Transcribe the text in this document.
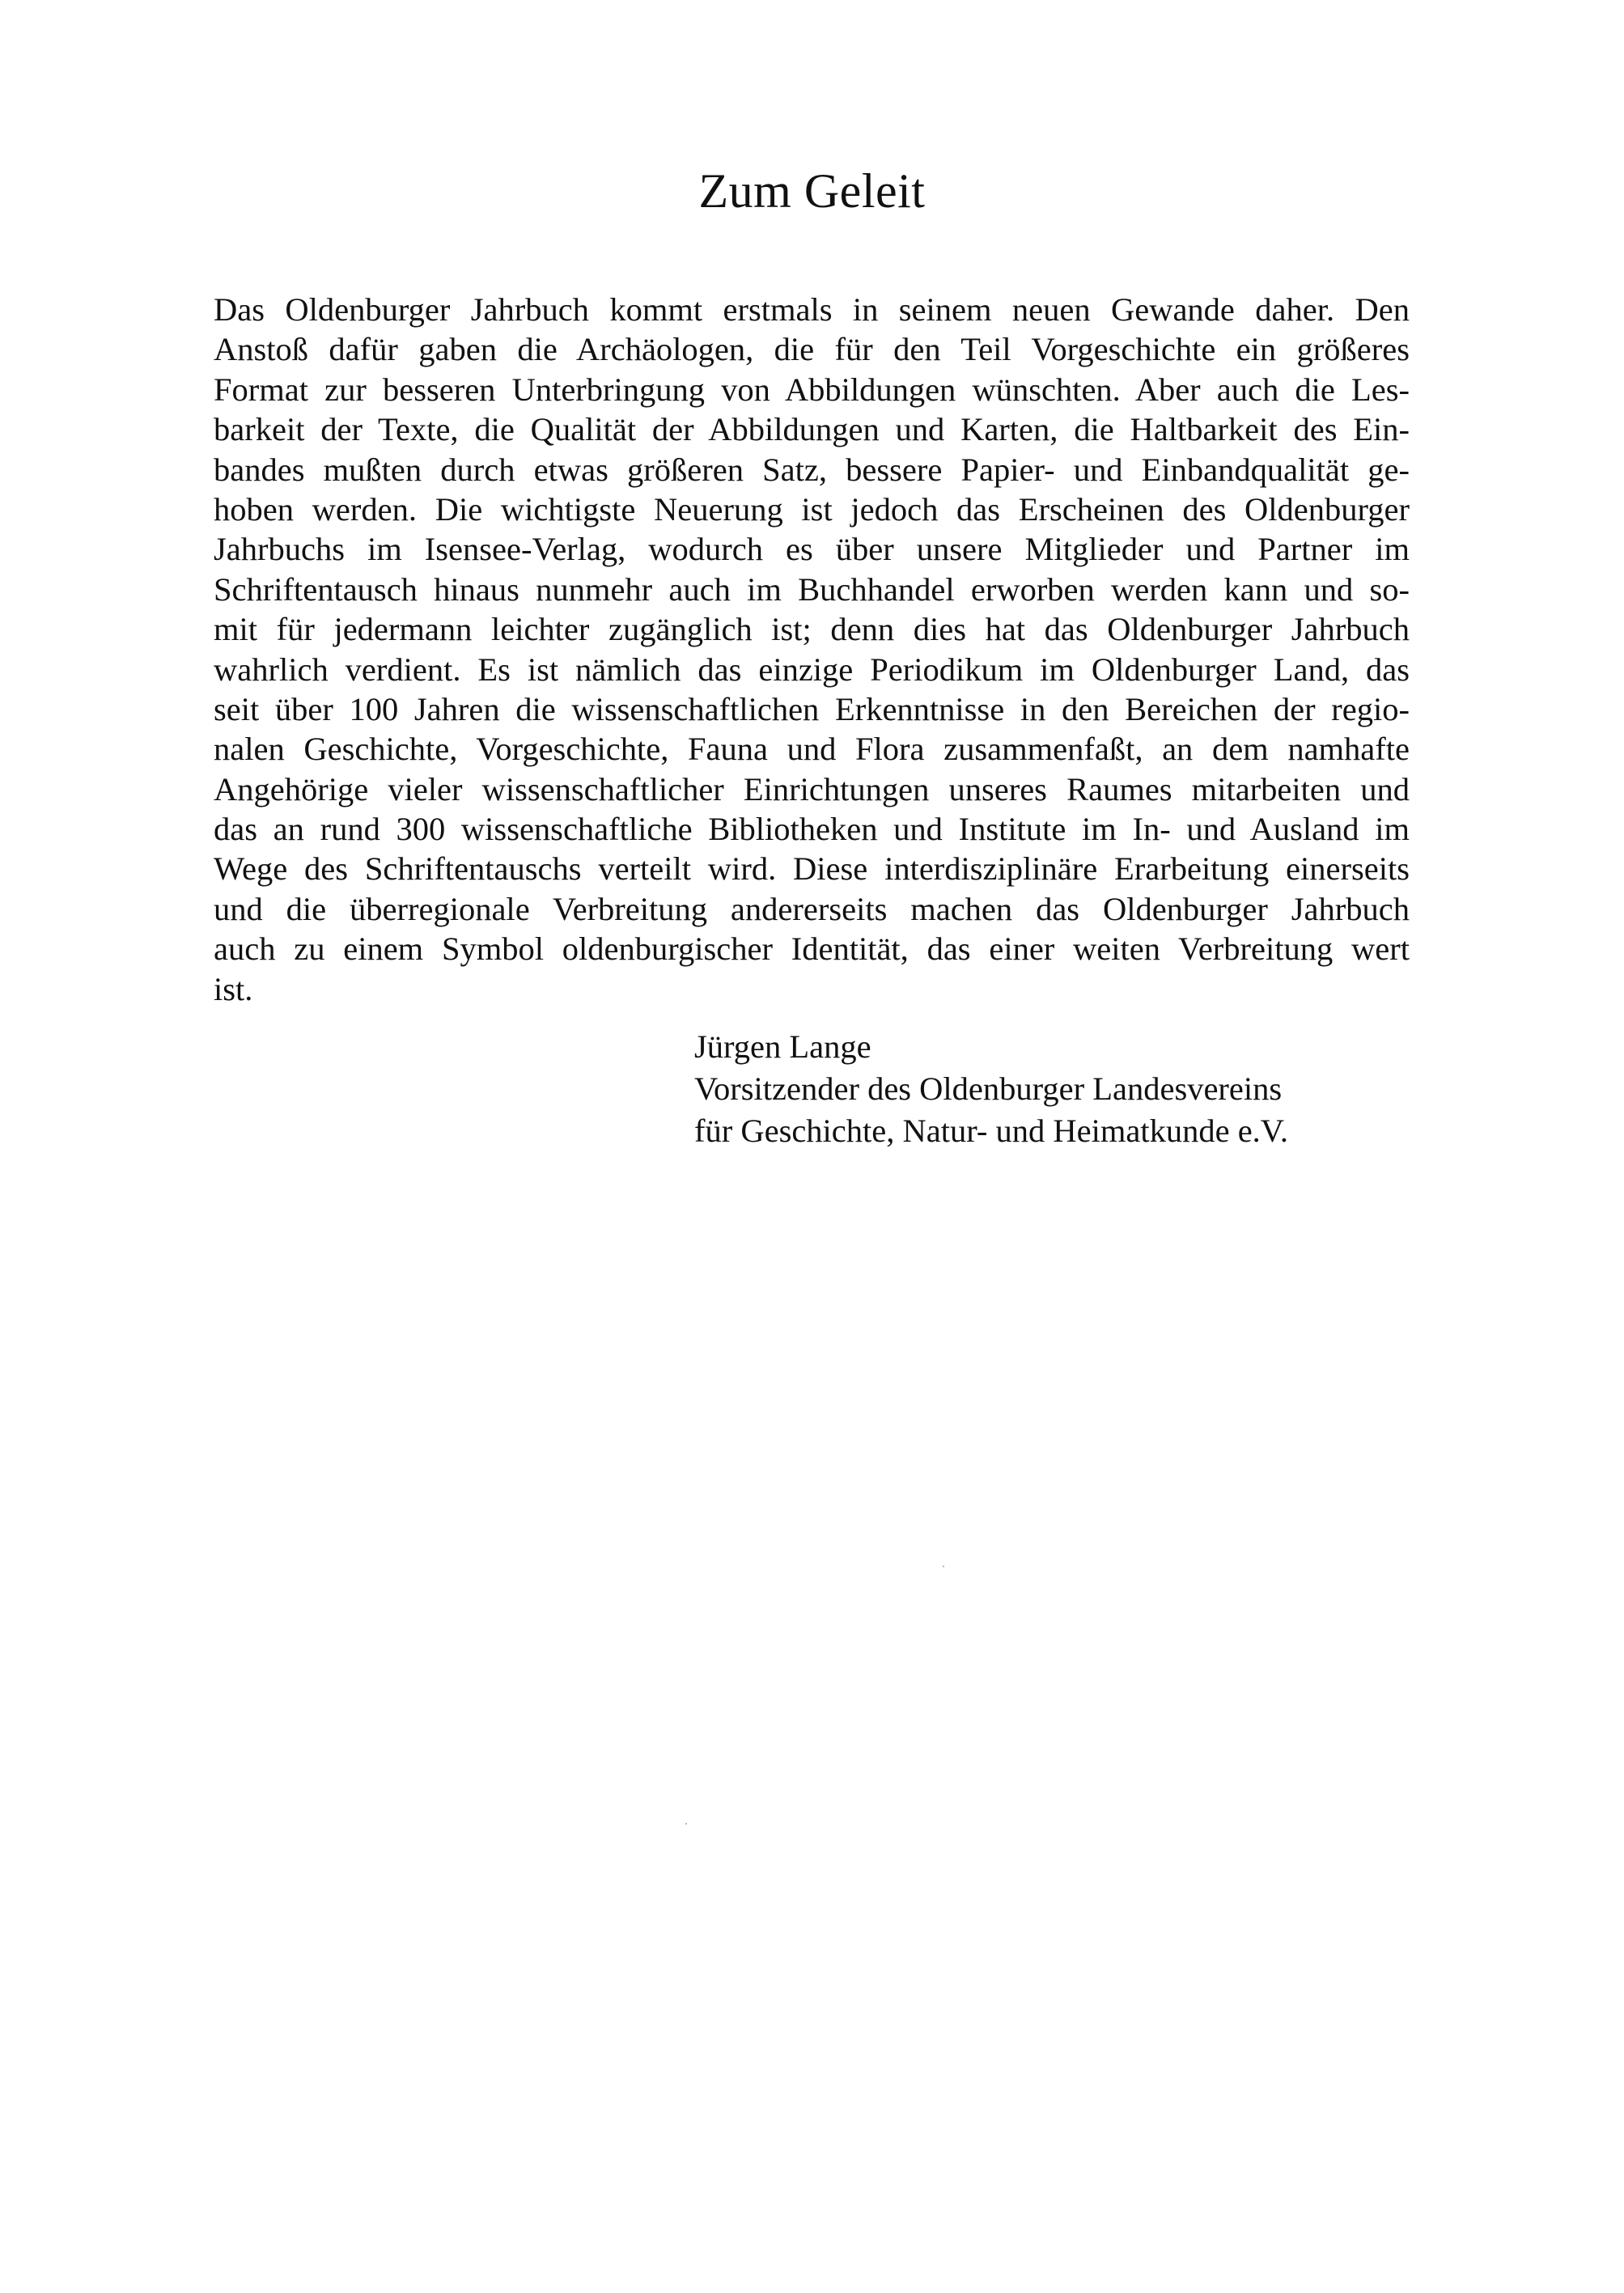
Zum Geleit
Das Oldenburger Jahrbuch kommt erstmals in seinem neuen Gewande daher. Den
Anstoß dafür gaben die Archäologen, die für den Teil Vorgeschichte ein größeres
Format zur besseren Unterbringung von Abbildungen wünschten. Aber auch die Les-
barkeit der Texte, die Qualität der Abbildungen und Karten, die Haltbarkeit des Ein-
bandes mußten durch etwas größeren Satz, bessere Papier- und Einbandqualität ge-
hoben werden. Die wichtigste Neuerung ist jedoch das Erscheinen des Oldenburger
Jahrbuchs im Isensee-Verlag, wodurch es über unsere Mitglieder und Partner im
Schriftentausch hinaus nunmehr auch im Buchhandel erworben werden kann und so-
mit für jedermann leichter zugänglich ist; denn dies hat das Oldenburger Jahrbuch
wahrlich verdient. Es ist nämlich das einzige Periodikum im Oldenburger Land, das
seit über 100 Jahren die wissenschaftlichen Erkenntnisse in den Bereichen der regio-
nalen Geschichte, Vorgeschichte, Fauna und Flora zusammenfaßt, an dem namhafte
Angehörige vieler wissenschaftlicher Einrichtungen unseres Raumes mitarbeiten und
das an rund 300 wissenschaftliche Bibliotheken und Institute im In- und Ausland im
Wege des Schriftentauschs verteilt wird. Diese interdisziplinäre Erarbeitung einerseits
und die überregionale Verbreitung andererseits machen das Oldenburger Jahrbuch
auch zu einem Symbol oldenburgischer Identität, das einer weiten Verbreitung wert
ist.
Jürgen Lange
Vorsitzender des Oldenburger Landesvereins
für Geschichte, Natur- und Heimatkunde e.V.
